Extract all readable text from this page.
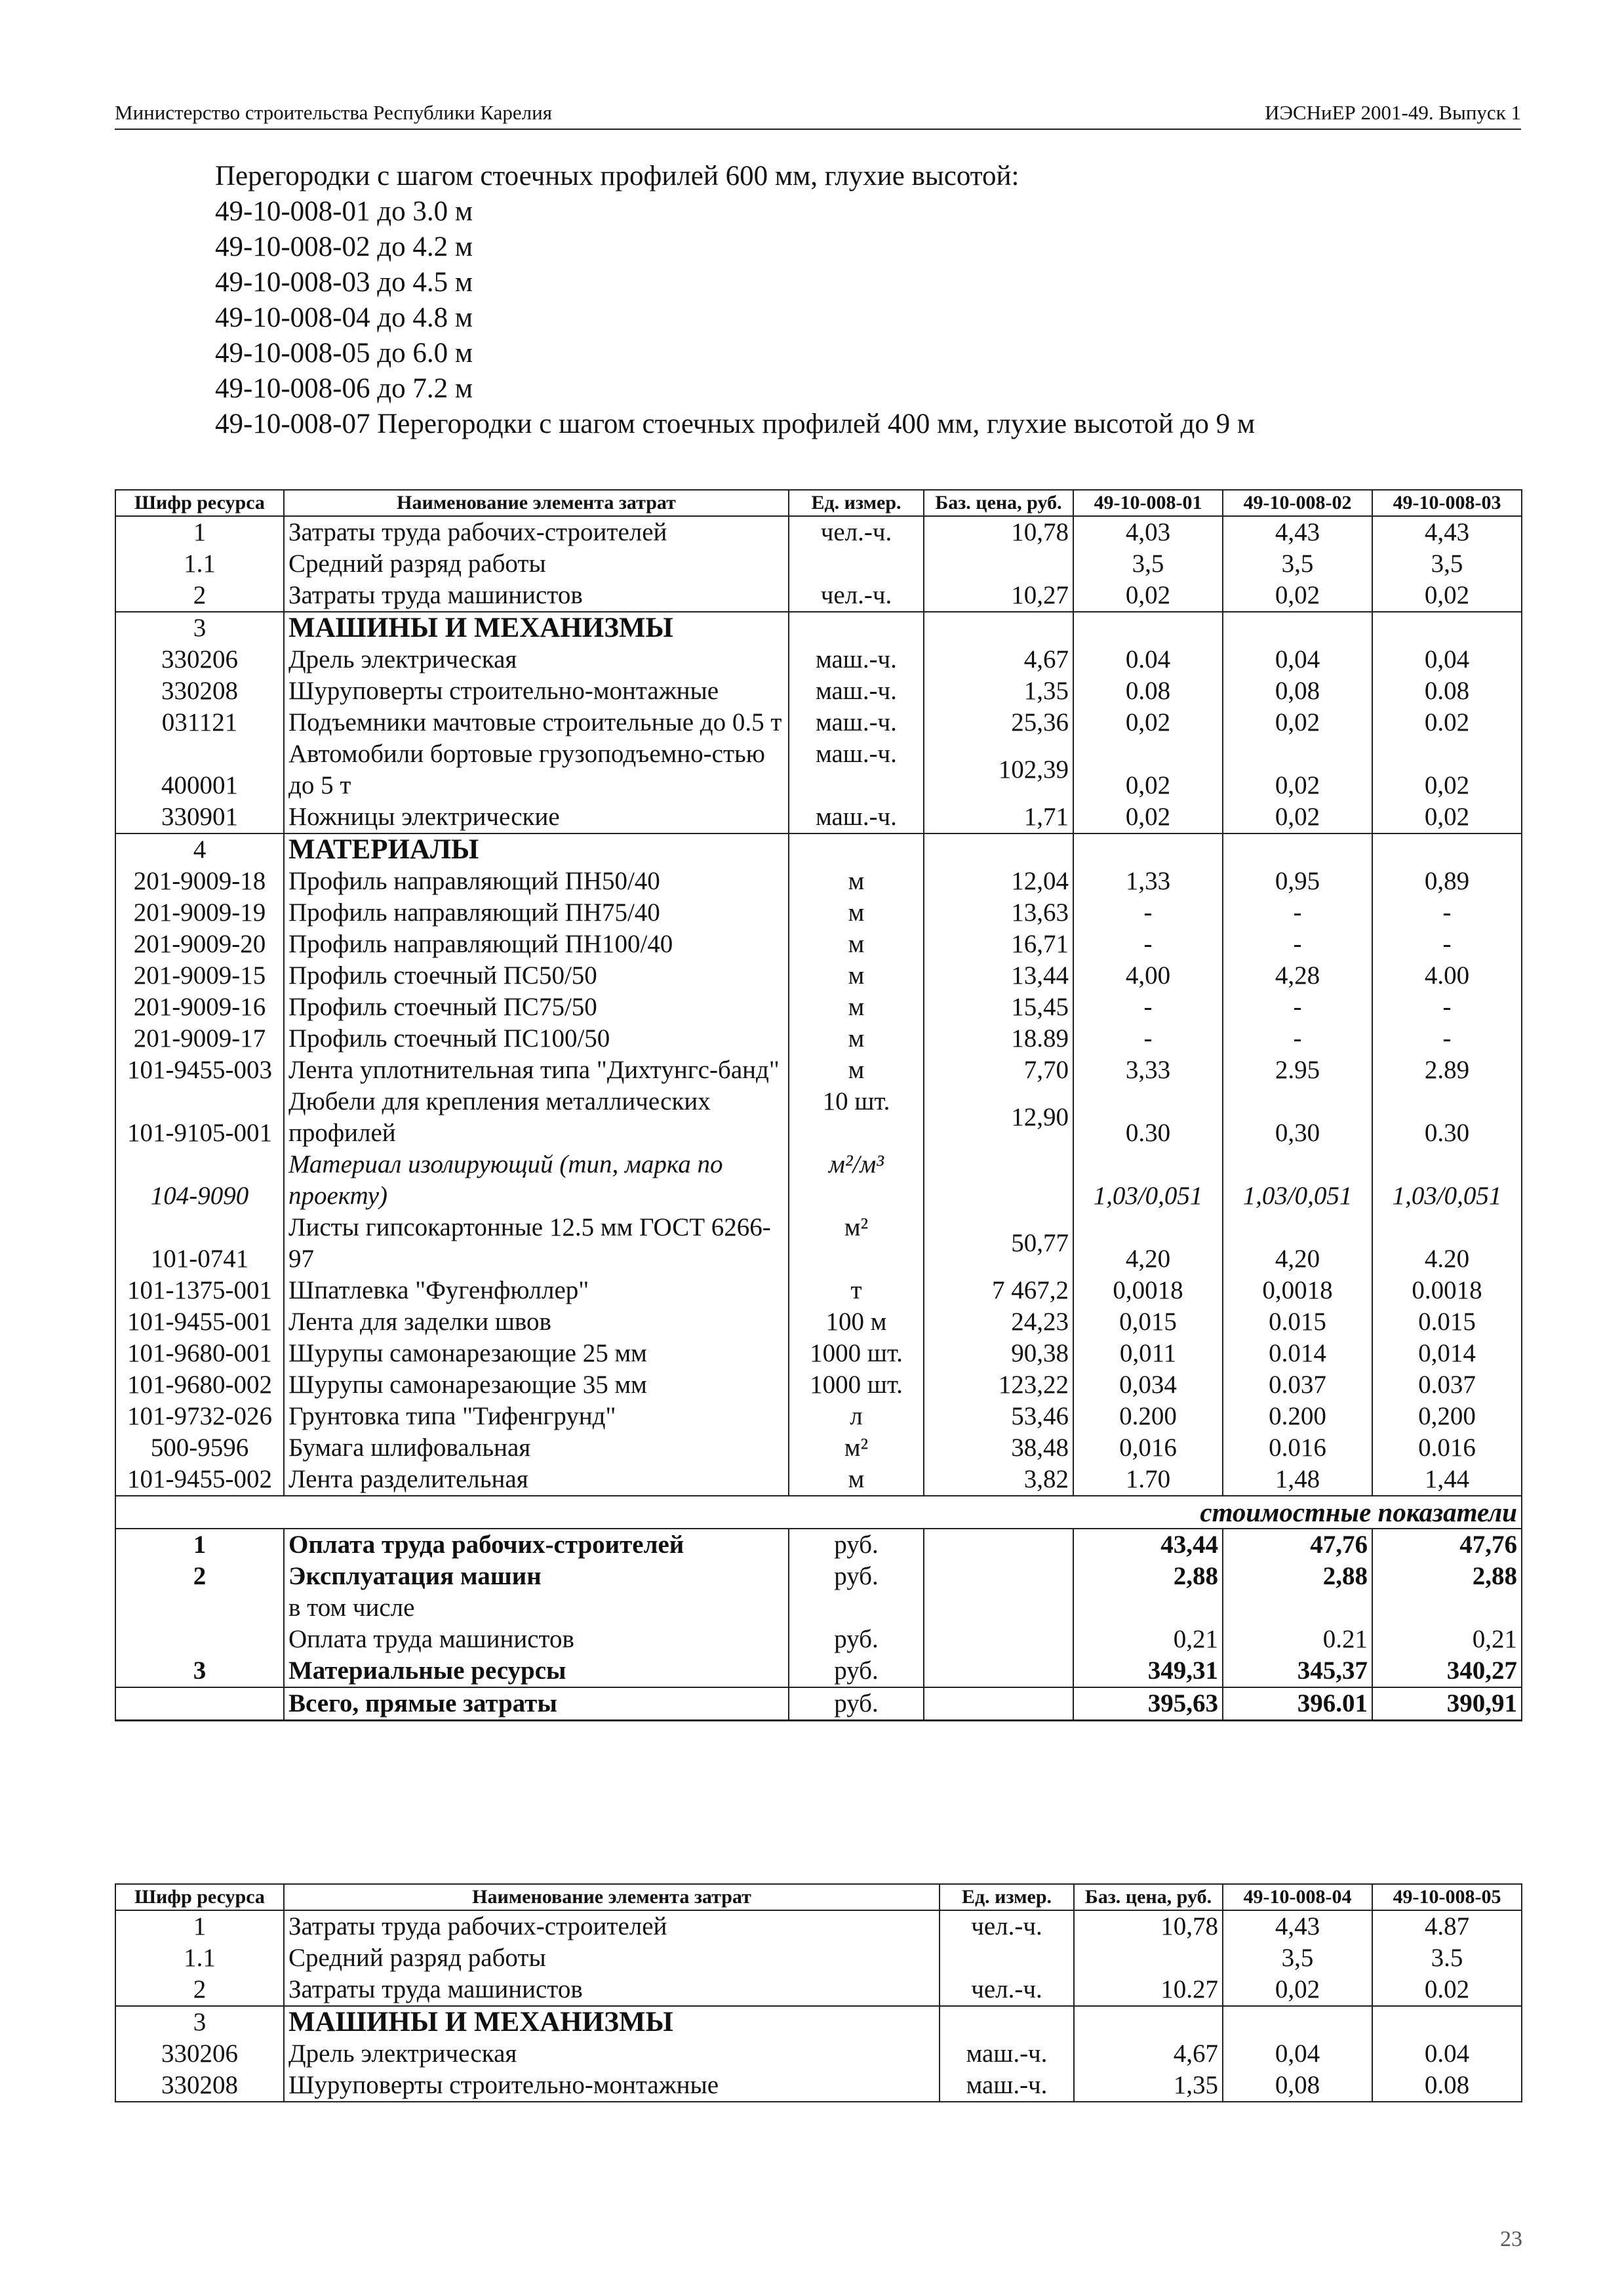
Министерство строительства Республики Карелия	ИЭСНиЕР 2001-49. Выпуск 1
Перегородки с шагом стоечных профилей 600 мм, глухие высотой:
49-10-008-01 до 3.0 м
49-10-008-02 до 4.2 м
49-10-008-03 до 4.5 м
49-10-008-04 до 4.8 м
49-10-008-05 до 6.0 м
49-10-008-06 до 7.2 м
49-10-008-07 Перегородки с шагом стоечных профилей 400 мм, глухие высотой до 9 м
Шифр ресурса	Наименование элемента затрат	Ед. измер.	Баз. цена, руб.	49-10-008-01	49-10-008-02	49-10-008-03
1	Затраты труда рабочих-строителей	чел.-ч.	10,78	4,03	4,43	4,43
1.1	Средний разряд работы			3,5	3,5	3,5
2	Затраты труда машинистов	чел.-ч.	10,27	0,02	0,02	0,02
3	МАШИНЫ И МЕХАНИЗМЫ					
330206	Дрель электрическая	маш.-ч.	4,67	0.04	0,04	0,04
330208	Шуруповерты строительно-монтажные	маш.-ч.	1,35	0.08	0,08	0.08
031121	Подъемники мачтовые строительные до 0.5 т	маш.-ч.	25,36	0,02	0,02	0.02
400001	Автомобили бортовые грузоподъемно-стью до 5 т	маш.-ч.	102,39	0,02	0,02	0,02
330901	Ножницы электрические	маш.-ч.	1,71	0,02	0,02	0,02
4	МАТЕРИАЛЫ					
201-9009-18	Профиль направляющий ПН50/40	м	12,04	1,33	0,95	0,89
201-9009-19	Профиль направляющий ПН75/40	м	13,63	-	-	-
201-9009-20	Профиль направляющий ПН100/40	м	16,71	-	-	-
201-9009-15	Профиль стоечный ПС50/50	м	13,44	4,00	4,28	4.00
201-9009-16	Профиль стоечный ПС75/50	м	15,45	-	-	-
201-9009-17	Профиль стоечный ПС100/50	м	18.89	-	-	-
101-9455-003	Лента уплотнительная типа "Дихтунгс-банд"	м	7,70	3,33	2.95	2.89
101-9105-001	Дюбели для крепления металлических профилей	10 шт.	12,90	0.30	0,30	0.30
104-9090	Материал изолирующий (тип, марка по проекту)	м²/м³		1,03/0,051	1,03/0,051	1,03/0,051
101-0741	Листы гипсокартонные 12.5 мм ГОСТ 6266-97	м²	50,77	4,20	4,20	4.20
101-1375-001	Шпатлевка "Фугенфюллер"	т	7 467,2	0,0018	0,0018	0.0018
101-9455-001	Лента для заделки швов	100 м	24,23	0,015	0.015	0.015
101-9680-001	Шурупы самонарезающие 25 мм	1000 шт.	90,38	0,011	0.014	0,014
101-9680-002	Шурупы самонарезающие 35 мм	1000 шт.	123,22	0,034	0.037	0.037
101-9732-026	Грунтовка типа "Тифенгрунд"	л	53,46	0.200	0.200	0,200
500-9596	Бумага шлифовальная	м²	38,48	0,016	0.016	0.016
101-9455-002	Лента разделительная	м	3,82	1.70	1,48	1,44
стоимостные показатели						
1	Оплата труда рабочих-строителей	руб.		43,44	47,76	47,76
2	Эксплуатация машин	руб.		2,88	2,88	2,88
	в том числе					
	Оплата труда машинистов	руб.		0,21	0.21	0,21
3	Материальные ресурсы	руб.		349,31	345,37	340,27
	Всего, прямые затраты	руб.		395,63	396.01	390,91
Шифр ресурса	Наименование элемента затрат	Ед. измер.	Баз. цена, руб.	49-10-008-04	49-10-008-05
1	Затраты труда рабочих-строителей	чел.-ч.	10,78	4,43	4.87
1.1	Средний разряд работы			3,5	3.5
2	Затраты труда машинистов	чел.-ч.	10.27	0,02	0.02
3	МАШИНЫ И МЕХАНИЗМЫ				
330206	Дрель электрическая	маш.-ч.	4,67	0,04	0.04
330208	Шуруповерты строительно-монтажные	маш.-ч.	1,35	0,08	0.08
23
